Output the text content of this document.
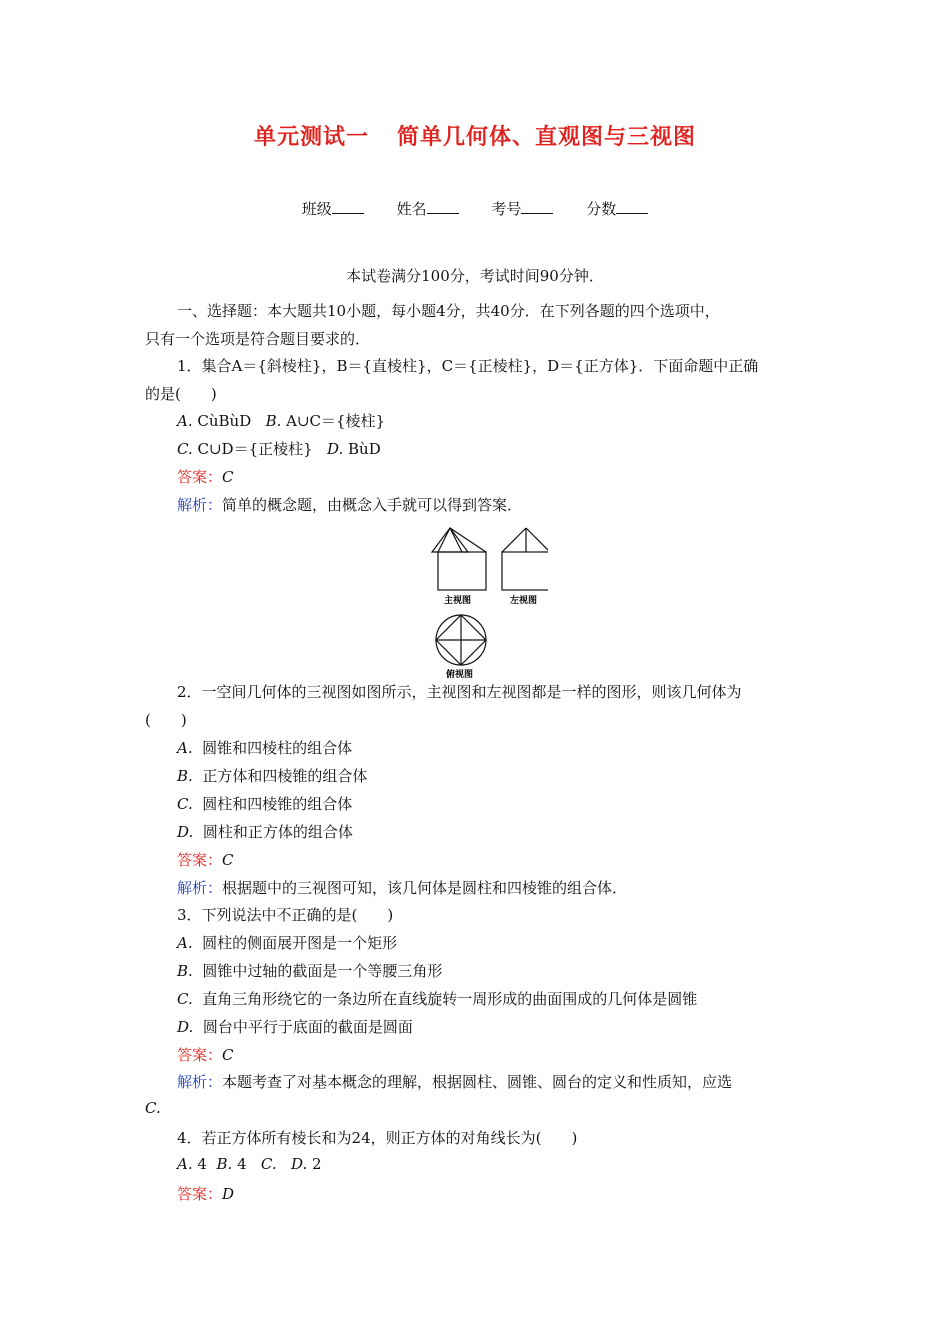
单元测试一 简单几何体、直观图与三视图
班级	姓名	考号	分数
本试卷满分100分，考试时间90分钟．
一、选择题：本大题共10小题，每小题4分，共40分．在下列各题的四个选项中，
只有一个选项是符合题目要求的．
1．集合A＝{斜棱柱}，B＝{直棱柱}，C＝{正棱柱}，D＝{正方体}．下面命题中正确
的是(　　)
A. CùBùD B. A∪C＝{棱柱}
C. C∪D＝{正棱柱} D. BùD
答案：C
解析：简单的概念题，由概念入手就可以得到答案．
主视图	左视图
俯视图
2．一空间几何体的三视图如图所示，主视图和左视图都是一样的图形，则该几何体为
(　　)
A. 圆锥和四棱柱的组合体
B. 正方体和四棱锥的组合体
C. 圆柱和四棱锥的组合体
D. 圆柱和正方体的组合体
答案：C
解析：根据题中的三视图可知，该几何体是圆柱和四棱锥的组合体．
3．下列说法中不正确的是(　　)
A. 圆柱的侧面展开图是一个矩形
B. 圆锥中过轴的截面是一个等腰三角形
C. 直角三角形绕它的一条边所在直线旋转一周形成的曲面围成的几何体是圆锥
D. 圆台中平行于底面的截面是圆面
答案：C
解析：本题考查了对基本概念的理解，根据圆柱、圆锥、圆台的定义和性质知，应选
C.
4．若正方体所有棱长和为24，则正方体的对角线长为(　　)
A. 4 B. 4 C. D. 2
答案：D
